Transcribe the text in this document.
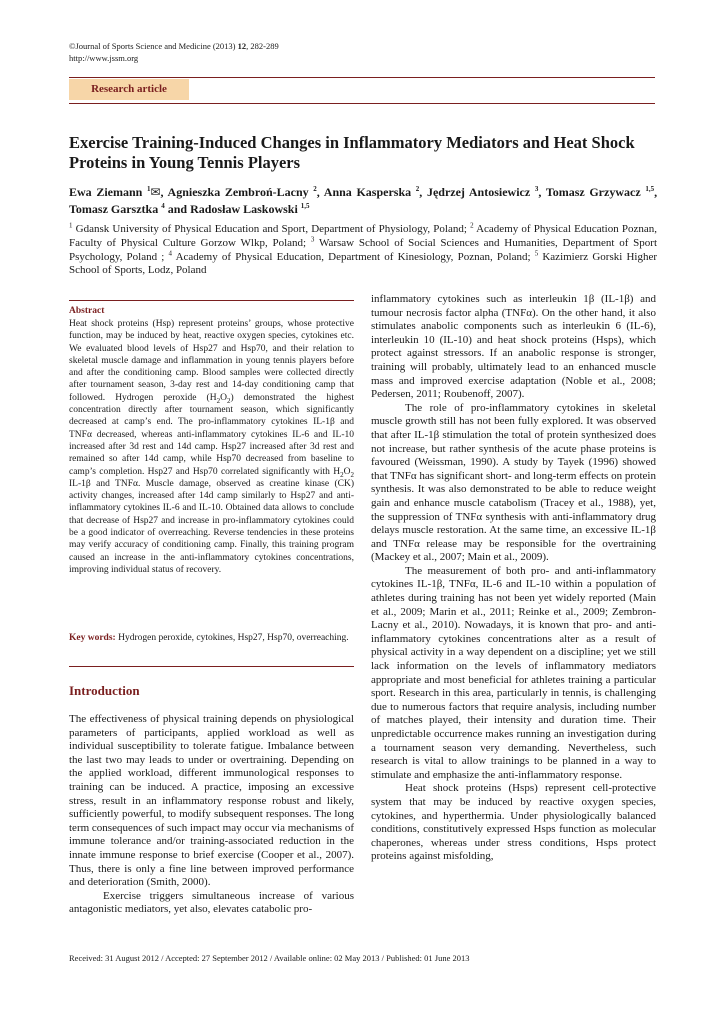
©Journal of Sports Science and Medicine (2013) 12, 282-289
http://www.jssm.org
Research article
Exercise Training-Induced Changes in Inflammatory Mediators and Heat Shock Proteins in Young Tennis Players

Ewa Ziemann $^1$✉, Agnieszka Zembroń-Lacny $^2$, Anna Kasperska $^2$, Jędrzej Antosiewicz $^3$, Tomasz Grzywacz $^{1,5}$, Tomasz Garsztka $^4$ and Radosław Laskowski $^{1,5}$

$^1$ Gdansk University of Physical Education and Sport, Department of Physiology, Poland; $^2$ Academy of Physical Education Poznan, Faculty of Physical Culture Gorzow Wlkp, Poland; $^3$ Warsaw School of Social Sciences and Humanities, Department of Sport Psychology, Poland ; $^4$ Academy of Physical Education, Department of Kinesiology, Poznan, Poland; $^5$ Kazimierz Gorski Higher School of Sports, Lodz, Poland

Abstract

Heat shock proteins (Hsp) represent proteins’ groups, whose protective function, may be induced by heat, reactive oxygen species, cytokines etc. We evaluated blood levels of Hsp27 and Hsp70, and their relation to skeletal muscle damage and inflammation in young tennis players before and after the conditioning camp. Blood samples were collected directly after tournament season, 3-day rest and 14-day conditioning camp that followed. Hydrogen peroxide $(H_2O_2)$ demonstrated the highest concentration directly after tournament season, which significantly decreased at camp’s end. The pro-inflammatory cytokines IL-1β and TNFα decreased, whereas anti-inflammatory cytokines IL-6 and IL-10 increased after 3d rest and 14d camp. Hsp27 increased after 3d rest and remained so after 14d camp, while Hsp70 decreased from baseline to camp’s completion. Hsp27 and Hsp70 correlated significantly with $H_2O_2$ IL-1β and TNFα. Muscle damage, observed as creatine kinase (CK) activity changes, increased after 14d camp similarly to Hsp27 and anti-inflammatory cytokines IL-6 and IL-10. Obtained data allows to conclude that decrease of Hsp27 and increase in pro-inflammatory cytokines could be a good indicator of overreaching. Reverse tendencies in these proteins may verify accuracy of conditioning camp. Finally, this training program caused an increase in the anti-inflammatory cytokines concentrations, improving individual status of recovery.

Key words: Hydrogen peroxide, cytokines, Hsp27, Hsp70, overreaching.

Introduction

The effectiveness of physical training depends on physiological parameters of participants, applied workload as well as individual susceptibility to tolerate fatigue. Imbalance between the last two may leads to under or overtraining. Depending on the applied workload, different immunological responses to training can be induced. A practice, imposing an excessive stress, result in an inflammatory response robust and likely, sufficiently powerful, to modify subsequent responses. The long term consequences of such impact may occur via mechanisms of immune tolerance and/or training-associated reduction in the innate immune response to brief exercise (Cooper et al., 2007). Thus, there is only a fine line between improved performance and deterioration (Smith, 2000).

Exercise triggers simultaneous increase of various antagonistic mediators, yet also, elevates catabolic pro-

inflammatory cytokines such as interleukin 1β (IL-1β) and tumour necrosis factor alpha (TNFα). On the other hand, it also stimulates anabolic components such as interleukin 6 (IL-6), interleukin 10 (IL-10) and heat shock proteins (Hsps), which protect against stressors. If an anabolic response is stronger, training will probably, ultimately lead to an enhanced muscle mass and improved exercise adaptation (Noble et al., 2008; Pedersen, 2011; Roubenoff, 2007).

The role of pro-inflammatory cytokines in skeletal muscle growth still has not been fully explored. It was observed that after IL-1β stimulation the total of protein synthesized does not increase, but rather synthesis of the acute phase proteins is favoured (Weissman, 1990). A study by Tayek (1996) showed that TNFα has significant short- and long-term effects on protein synthesis. It was also demonstrated to be able to reduce weight gain and enhance muscle catabolism (Tracey et al., 1988), yet, the suppression of TNFα synthesis with anti-inflammatory drug delays muscle restoration. At the same time, an excessive IL-1β and TNFα release may be responsible for the overtraining (Mackey et al., 2007; Main et al., 2009).

The measurement of both pro- and anti-inflammatory cytokines IL-1β, TNFα, IL-6 and IL-10 within a population of athletes during training has not been yet widely reported (Main et al., 2009; Marin et al., 2011; Reinke et al., 2009; Zembron-Lacny et al., 2010). Nowadays, it is known that pro- and anti-inflammatory cytokines concentrations alter as a result of physical activity in a way dependent on a discipline; yet we still lack information on the levels of inflammatory mediators appropriate and most beneficial for athletes training a particular sport. Research in this area, particularly in tennis, is challenging due to numerous factors that require analysis, including number of matches played, their intensity and duration time. Their unpredictable occurrence makes running an investigation during a tournament season very demanding. Nevertheless, such research is vital to allow trainings to be planned in a way to stimulate and emphasize the anti-inflammatory response.

Heat shock proteins (Hsps) represent cell-protective system that may be induced by reactive oxygen species, cytokines, and hyperthermia. Under physiologically balanced conditions, constitutively expressed Hsps function as molecular chaperones, whereas under stress conditions, Hsps protect proteins against misfolding,

Received: 31 August 2012 / Accepted: 27 September 2012 / Available online: 02 May 2013 / Published: 01 June 2013
